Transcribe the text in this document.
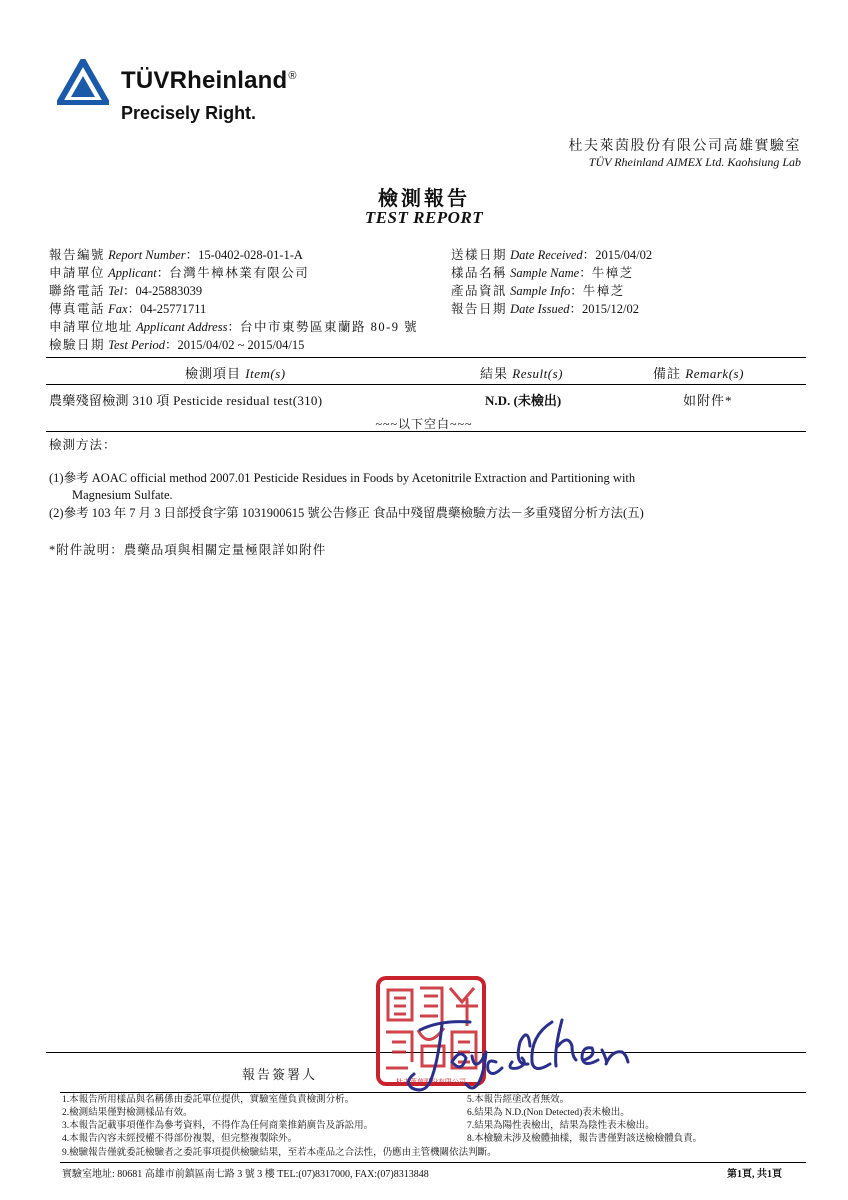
TÜVRheinland®
Precisely Right.
杜夫萊茵股份有限公司高雄實驗室
TÜV Rheinland AIMEX Ltd. Kaohsiung Lab
檢測報告
TEST REPORT
報告編號 Report Number：15-0402-028-01-1-A
申請單位 Applicant：台灣牛樟林業有限公司
聯絡電話 Tel：04-25883039
傳真電話 Fax：04-25771711
申請單位地址 Applicant Address：台中市東勢區東蘭路 80-9 號
檢驗日期 Test Period：2015/04/02 ~ 2015/04/15
送樣日期 Date Received：2015/04/02
樣品名稱 Sample Name：牛樟芝
產品資訊 Sample Info：牛樟芝
報告日期 Date Issued：2015/12/02
檢測項目 Item(s)	結果 Result(s)	備註 Remark(s)
農藥殘留檢測 310 項 Pesticide residual test(310)	N.D. (未檢出)	如附件*
~~~以下空白~~~
檢測方法：
(1)參考 AOAC official method 2007.01 Pesticide Residues in Foods by Acetonitrile Extraction and Partitioning with
Magnesium Sulfate.
(2)參考 103 年 7 月 3 日部授食字第 1031900615 號公告修正 食品中殘留農藥檢驗方法－多重殘留分析方法(五)
*附件說明：農藥品項與相關定量極限詳如附件
報告簽署人	杜夫萊茵股份有限公司
1.本報告所用樣品與名稱係由委託單位提供，實驗室僅負責檢測分析。
2.檢測結果僅對檢測樣品有效。
3.本報告記載事項僅作為參考資料，不得作為任何商業推銷廣告及訴訟用。
4.本報告內容未經授權不得部份複製，但完整複製除外。
5.本報告經塗改者無效。
6.結果為 N.D.(Non Detected)表未檢出。
7.結果為陽性表檢出，結果為陰性表未檢出。
8.本檢驗未涉及檢體抽樣，報告書僅對該送檢檢體負責。
9.檢驗報告僅就委託檢驗者之委託事項提供檢驗結果，至若本產品之合法性，仍應由主管機關依法判斷。
實驗室地址: 80681 高雄市前鎮區南七路 3 號 3 樓 TEL:(07)8317000, FAX:(07)8313848	第1頁, 共1頁
